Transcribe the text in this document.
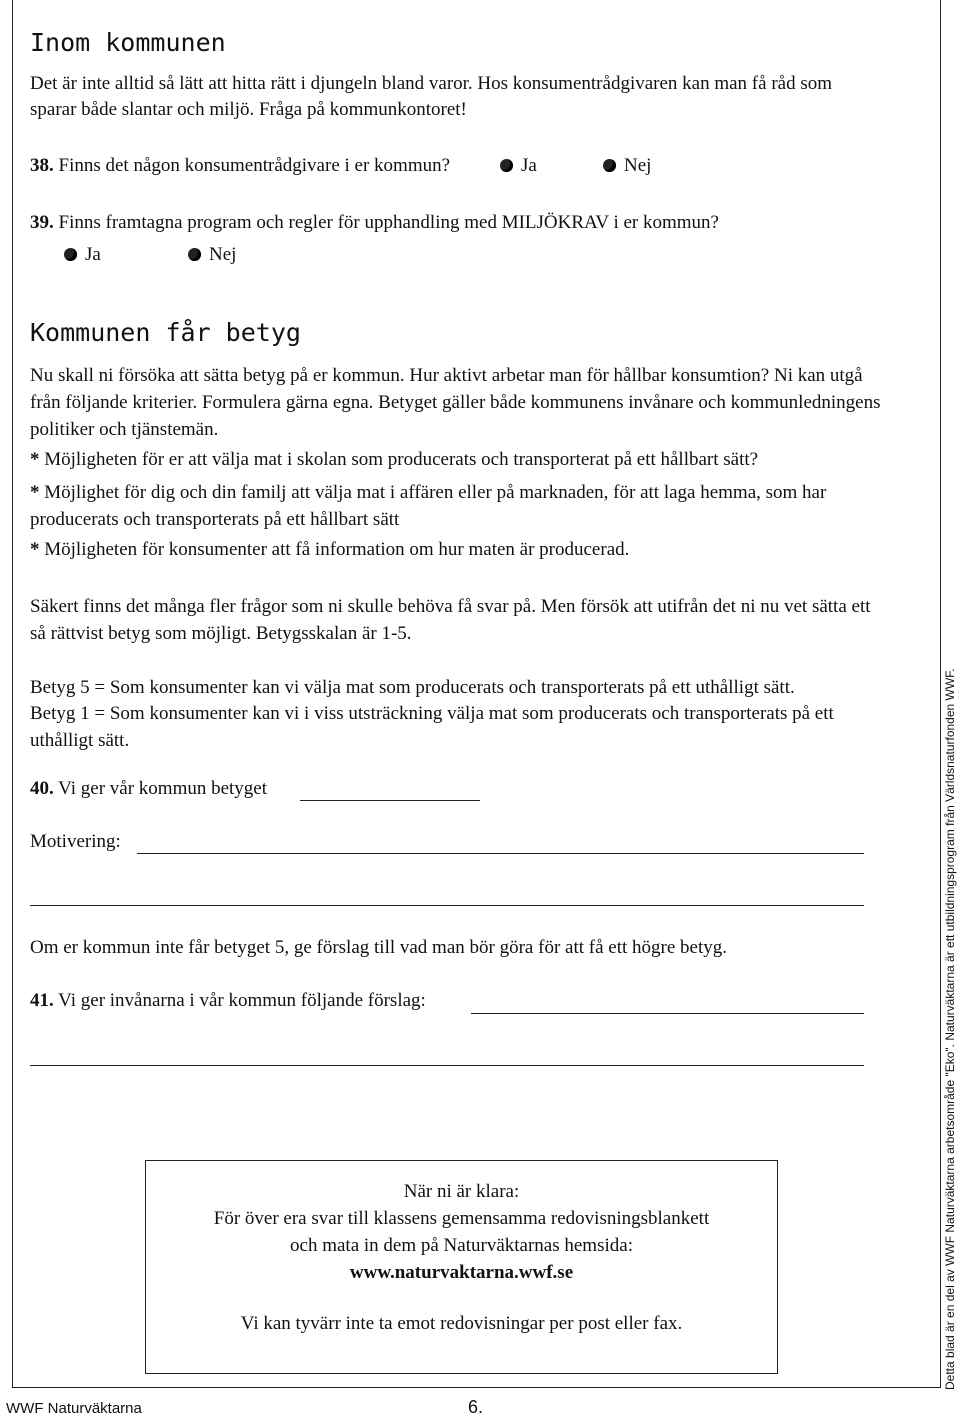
Inom kommunen
Det är inte alltid så lätt att hitta rätt i djungeln bland varor. Hos konsumentrådgivaren kan man få råd som
sparar både slantar och miljö. Fråga på kommunkontoret!
38. Finns det någon konsumentrådgivare i er kommun?	Ja	Nej
39. Finns framtagna program och regler för upphandling med MILJÖKRAV i er kommun?
Ja	Nej
Kommunen får betyg
Nu skall ni försöka att sätta betyg på er kommun. Hur aktivt arbetar man för hållbar konsumtion? Ni kan utgå
från följande kriterier. Formulera gärna egna. Betyget gäller både kommunens invånare och kommunledningens
politiker och tjänstemän.
* Möjligheten för er att välja mat i skolan som producerats och transporterat på ett hållbart sätt?
* Möjlighet för dig och din familj att välja mat i affären eller på marknaden, för att laga hemma, som har
producerats och transporterats på ett hållbart sätt
* Möjligheten för konsumenter att få information om hur maten är producerad.
Säkert finns det många fler frågor som ni skulle behöva få svar på. Men försök att utifrån det ni nu vet sätta ett
så rättvist betyg som möjligt. Betygsskalan är 1-5.
Betyg 5 = Som konsumenter kan vi välja mat som producerats och transporterats på ett uthålligt sätt.
Betyg 1 = Som konsumenter kan vi i viss utsträckning välja mat som producerats och transporterats på ett
uthålligt sätt.
40. Vi ger vår kommun betyget
Motivering:
Om er kommun inte får betyget 5, ge förslag till vad man bör göra för att få ett högre betyg.
41. Vi ger invånarna i vår kommun följande förslag:
När ni är klara:
För över era svar till klassens gemensamma redovisningsblankett
och mata in dem på Naturväktarnas hemsida:
www.naturvaktarna.wwf.se
Vi kan tyvärr inte ta emot redovisningar per post eller fax.	Detta blad är en del av WWF Naturväktarna arbetsområde "Eko". Naturväktarna är ett utbildningsprogram från Världsnaturfonden WWF.
WWF Naturväktarna	6.
